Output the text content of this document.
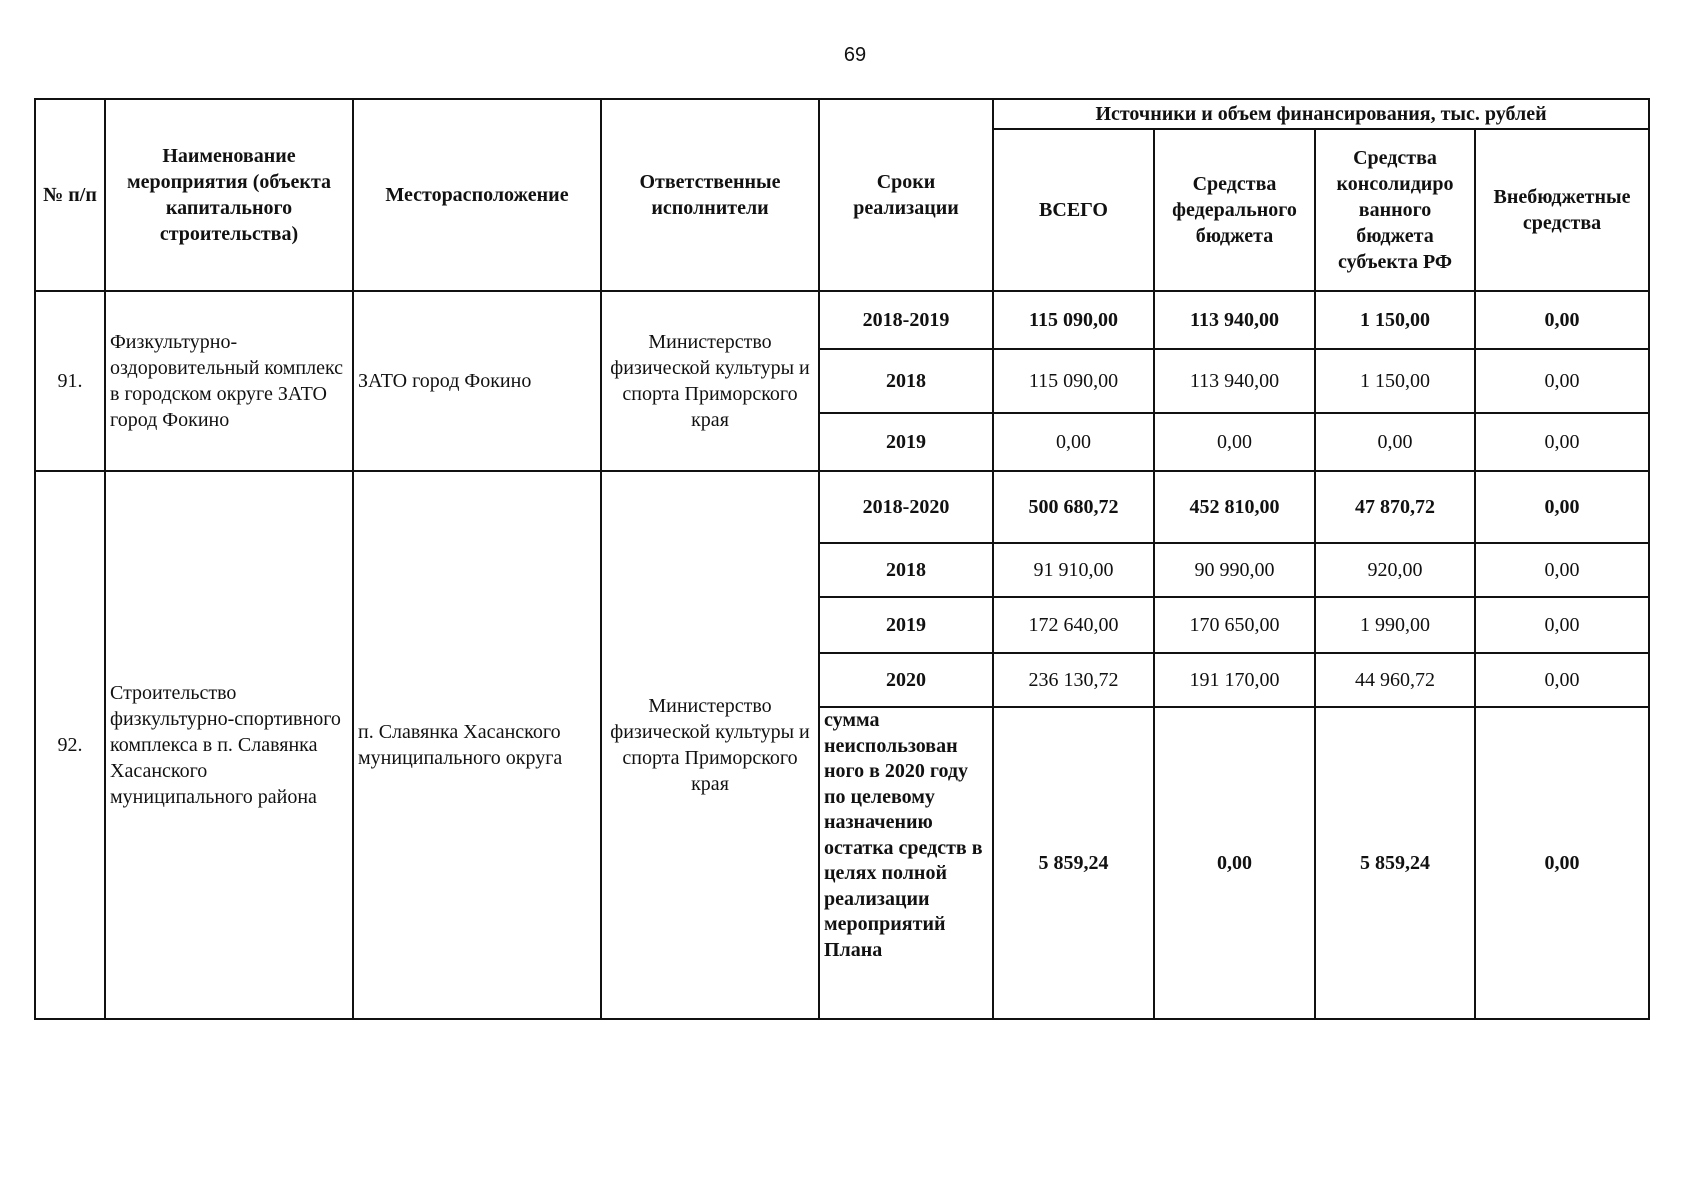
69
№ п/п	Наименование мероприятия (объекта капитального строительства)	Месторасположение	Ответственные исполнители	Сроки реализации	Источники и объем финансирования, тыс. рублей			
					ВСЕГО	Средства федерального бюджета	Средства консолидиро ванного бюджета субъекта РФ	Внебюджетные средства
91.	Физкультурно-оздоровительный комплекс в городском округе ЗАТО город Фокино	ЗАТО город Фокино	Министерство физической культуры и спорта Приморского края	2018-2019	115 090,00	113 940,00	1 150,00	0,00
				2018	115 090,00	113 940,00	1 150,00	0,00
				2019	0,00	0,00	0,00	0,00
92.	Строительство физкультурно-спортивного комплекса в п. Славянка Хасанского муниципального района	п. Славянка Хасанского муниципального округа	Министерство физической культуры и спорта Приморского края	2018-2020	500 680,72	452 810,00	47 870,72	0,00
				2018	91 910,00	90 990,00	920,00	0,00
				2019	172 640,00	170 650,00	1 990,00	0,00
				2020	236 130,72	191 170,00	44 960,72	0,00
				сумма неиспользован ного в 2020 году по целевому назначению остатка средств в целях полной реализации мероприятий Плана	5 859,24	0,00	5 859,24	0,00
